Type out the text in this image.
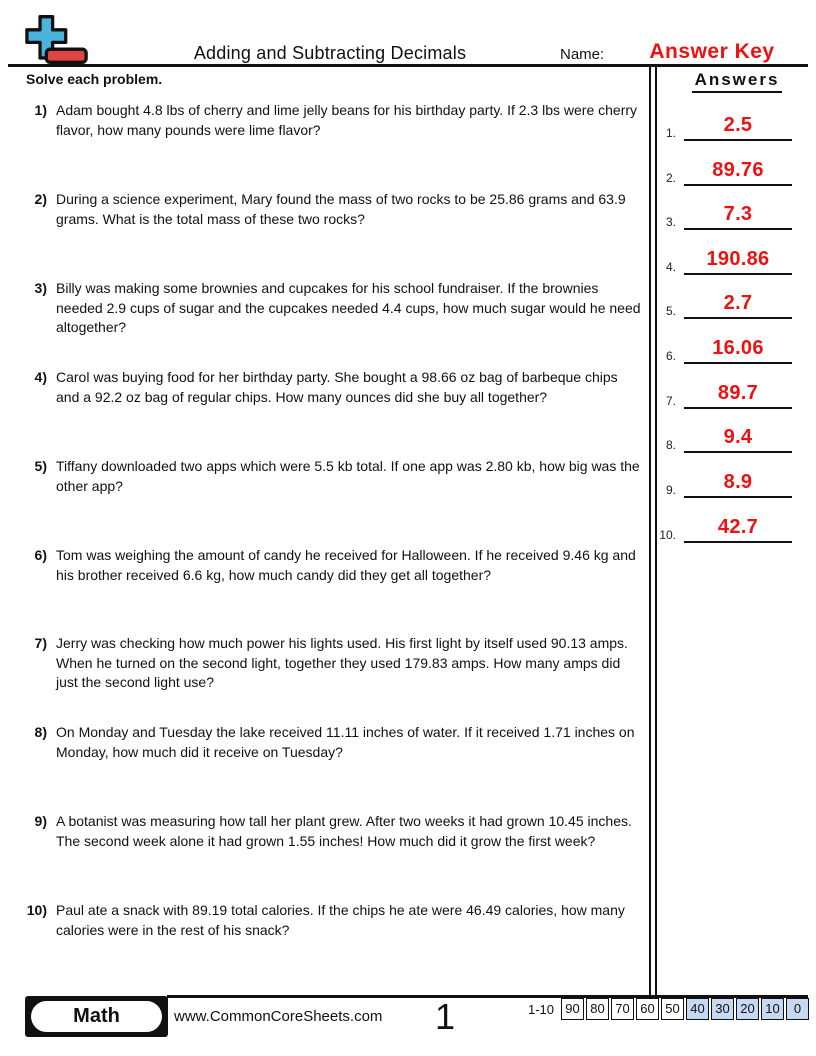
Adding and Subtracting Decimals	Name:	Answer Key
Solve each problem.	Answers
1.	2.5
2.	89.76
3.	7.3
4.	190.86
5.	2.7
6.	16.06
7.	89.7
8.	9.4
9.	8.9
10.	42.7
1) Adam bought 4.8 lbs of cherry and lime jelly beans for his birthday party. If 2.3 lbs were cherry flavor, how many pounds were lime flavor?
2) During a science experiment, Mary found the mass of two rocks to be 25.86 grams and 63.9 grams. What is the total mass of these two rocks?
3) Billy was making some brownies and cupcakes for his school fundraiser. If the brownies needed 2.9 cups of sugar and the cupcakes needed 4.4 cups, how much sugar would he need altogether?
4) Carol was buying food for her birthday party. She bought a 98.66 oz bag of barbeque chips and a 92.2 oz bag of regular chips. How many ounces did she buy all together?
5) Tiffany downloaded two apps which were 5.5 kb total. If one app was 2.80 kb, how big was the other app?
6) Tom was weighing the amount of candy he received for Halloween. If he received 9.46 kg and his brother received 6.6 kg, how much candy did they get all together?
7) Jerry was checking how much power his lights used. His first light by itself used 90.13 amps. When he turned on the second light, together they used 179.83 amps. How many amps did just the second light use?
8) On Monday and Tuesday the lake received 11.11 inches of water. If it received 1.71 inches on Monday, how much did it receive on Tuesday?
9) A botanist was measuring how tall her plant grew. After two weeks it had grown 10.45 inches. The second week alone it had grown 1.55 inches! How much did it grow the first week?
10) Paul ate a snack with 89.19 total calories. If the chips he ate were 46.49 calories, how many calories were in the rest of his snack?
Math	www.CommonCoreSheets.com	1	1-10 90 80 70 60 50 40 30 20 10	0
